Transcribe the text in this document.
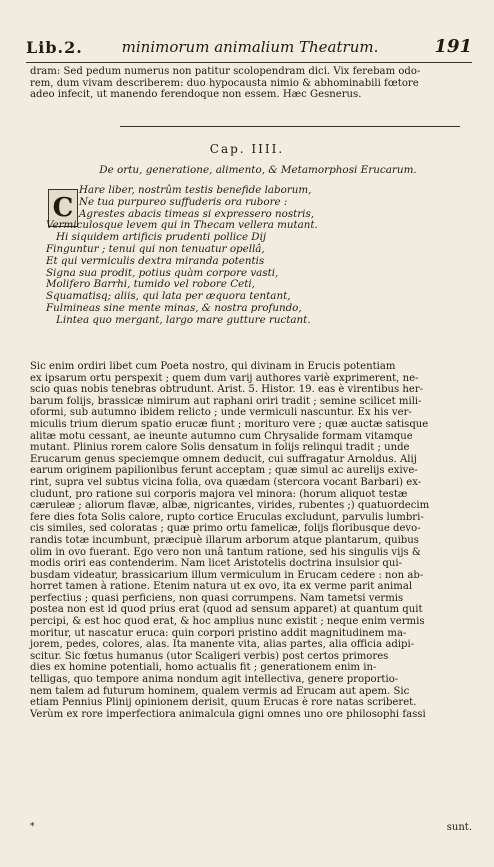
Lib.2.	minimorum animalium Theatrum.	191

dram: Sed pedum numerus non patitur scolopendram dici. Vix ferebam odo-

rem, dum vivam describerem: duo hypocausta nimio & abhominabili fœtore

adeo infecit, ut manendo ferendoque non essem. Hæc Gesnerus.

Cap. IIII.
De ortu, generatione, alimento, & Metamorphosi Erucarum.
C
Hare liber, nostrûm testis benefide laborum,
Ne tua purpureo suffuderis ora rubore :
Agrestes abacis timeas si expressero nostris,
Vermiculosque levem qui in Thecam vellera mutant.
Hi siquidem artificis prudenti pollice Dij
Finguntur ; tenui qui non tenuatur opellâ,
Et qui vermiculis dextra miranda potentis
Signa sua prodit, potius quàm corpore vasti,
Molifero Barrhi, tumido vel robore Ceti,
Squamatisq; aliis, qui lata per æquora tentant,
Fulmineas sine mente minas, & nostra profundo,
Lintea quo mergant, largo mare gutture ructant.

Sic enim ordiri libet cum Poeta nostro, qui divinam in Erucis potentiam

ex ipsarum ortu perspexit ; quem dum varij authores variè exprimerent, ne-

scio quas nobis tenebras obtrudunt. Arist. 5. Histor. 19. eas è virentibus her-

barum folijs, brassicæ nimirum aut raphani oriri tradit ; semine scilicet mili-

oformi, sub autumno ibidem relicto ; unde vermiculi nascuntur. Ex his ver-

miculis trium dierum spatio erucæ fiunt ; morituro vere ; quæ auctæ satisque

alitæ motu cessant, ae ineunte autumno cum Chrysalide formam vitamque

mutant. Plinius rorem calore Solis densatum in folijs relinqui tradit ; unde

Erucarum genus speciemque omnem deducit, cui suffragatur Arnoldus. Alij

earum originem papilionibus ferunt acceptam ; quæ simul ac aurelijs exive-

rint, supra vel subtus vicina folia, ova quædam (stercora vocant Barbari) ex-

cludunt, pro ratione sui corporis majora vel minora: (horum aliquot testæ

cæruleæ ; aliorum flavæ, albæ, nigricantes, virides, rubentes ;) quatuordecim

fere dies fota Solis calore, rupto cortice Eruculas excludunt, parvulis lumbri-

cis similes, sed coloratas ; quæ primo ortu famelicæ, folijs floribusque devo-

randis totæ incumbunt, præcipuè illarum arborum atque plantarum, quibus

olim in ovo fuerant. Ego vero non unâ tantum ratione, sed his singulis vijs &

modis oriri eas contenderim. Nam licet Aristotelis doctrina insulsior qui-

busdam videatur, brassicarium illum vermiculum in Erucam cedere : non ab-

horret tamen à ratione. Etenim natura ut ex ovo, ita ex verme parit animal

perfectius ; quasi perficiens, non quasi corrumpens. Nam tametsi vermis

postea non est id quod prius erat (quod ad sensum apparet) at quantum quit

percipi, & est hoc quod erat, & hoc amplius nunc existit ; neque enim vermis

moritur, ut nascatur eruca: quin corpori pristino addit magnitudinem ma-

jorem, pedes, colores, alas. Ita manente vita, alias partes, alia officia adipi-

scitur. Sic fœtus humanus (utor Scaligeri verbis) post certos primores

dies ex homine potentiali, homo actualis fit ; generationem enim in-

telligas, quo tempore anima nondum agit intellectiva, genere proportio-

nem talem ad futurum hominem, qualem vermis ad Erucam aut apem. Sic

etiam Pennius Plinij opinionem derisit, quum Erucas è rore natas scriberet.

Verùm ex rore imperfectiora animalcula gigni omnes uno ore philosophi fassi

*	sunt.
